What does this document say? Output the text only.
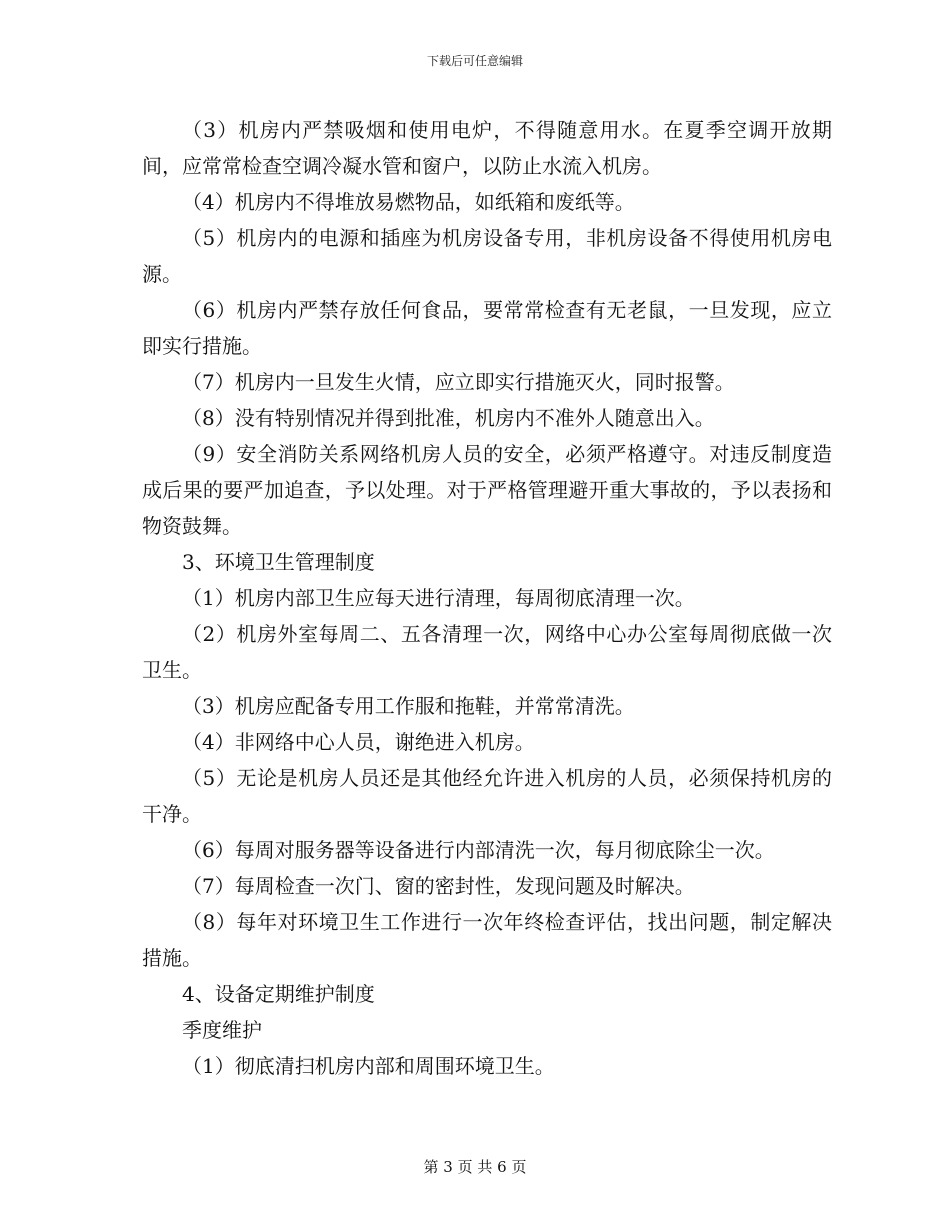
下载后可任意编辑

（3）机房内严禁吸烟和使用电炉，不得随意用水。在夏季空调开放期间，应常常检查空调冷凝水管和窗户，以防止水流入机房。

（4）机房内不得堆放易燃物品，如纸箱和废纸等。

（5）机房内的电源和插座为机房设备专用，非机房设备不得使用机房电源。

（6）机房内严禁存放任何食品，要常常检查有无老鼠，一旦发现，应立即实行措施。

（7）机房内一旦发生火情，应立即实行措施灭火，同时报警。

（8）没有特别情况并得到批准，机房内不准外人随意出入。

（9）安全消防关系网络机房人员的安全，必须严格遵守。对违反制度造成后果的要严加追查，予以处理。对于严格管理避开重大事故的，予以表扬和物资鼓舞。

3、环境卫生管理制度

（1）机房内部卫生应每天进行清理，每周彻底清理一次。

（2）机房外室每周二、五各清理一次，网络中心办公室每周彻底做一次卫生。

（3）机房应配备专用工作服和拖鞋，并常常清洗。

（4）非网络中心人员，谢绝进入机房。

（5）无论是机房人员还是其他经允许进入机房的人员，必须保持机房的干净。

（6）每周对服务器等设备进行内部清洗一次，每月彻底除尘一次。

（7）每周检查一次门、窗的密封性，发现问题及时解决。

（8）每年对环境卫生工作进行一次年终检查评估，找出问题，制定解决措施。

4、设备定期维护制度

季度维护

（1）彻底清扫机房内部和周围环境卫生。

第 3 页 共 6 页
